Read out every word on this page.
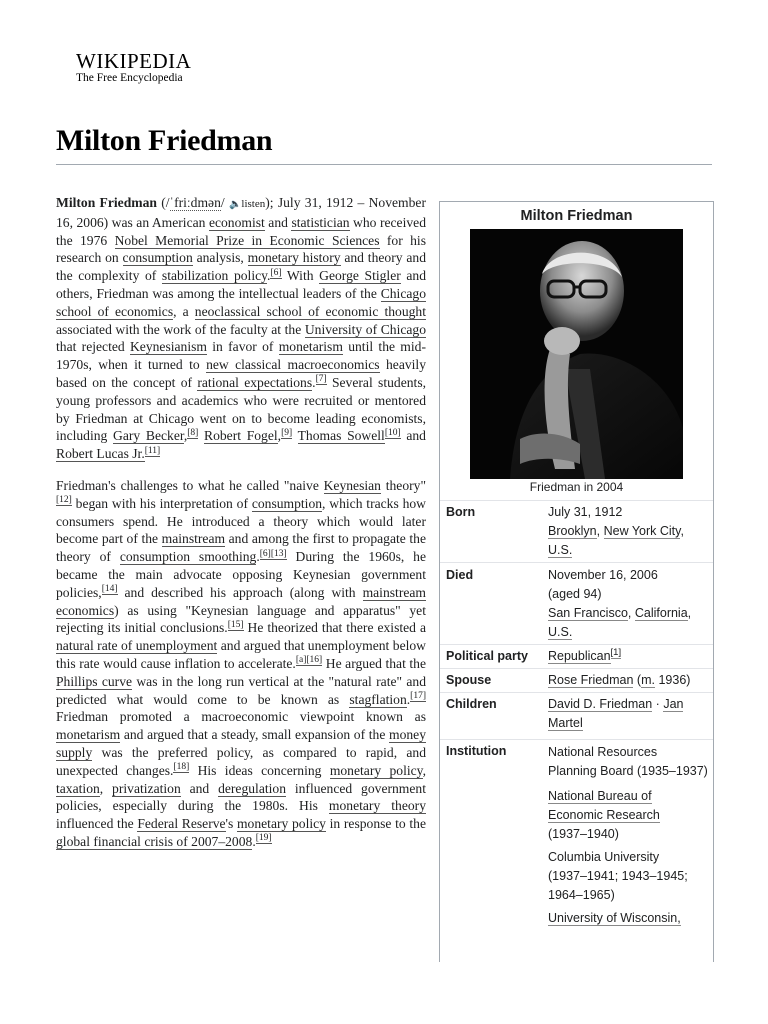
WIKIPEDIA
The Free Encyclopedia
Milton Friedman

Milton Friedman (/ˈfriːdmən/ 🔈listen); July 31, 1912 – November 16, 2006) was an American economist and statistician who received the 1976 Nobel Memorial Prize in Economic Sciences for his research on consumption analysis, monetary history and theory and the complexity of stabilization policy.[6] With George Stigler and others, Friedman was among the intellectual leaders of the Chicago school of economics, a neoclassical school of economic thought associated with the work of the faculty at the University of Chicago that rejected Keynesianism in favor of monetarism until the mid-1970s, when it turned to new classical macroeconomics heavily based on the concept of rational expectations.[7] Several students, young professors and academics who were recruited or mentored by Friedman at Chicago went on to become leading economists, including Gary Becker,[8] Robert Fogel,[9] Thomas Sowell[10] and Robert Lucas Jr.[11]

Friedman's challenges to what he called "naive Keynesian theory"[12] began with his interpretation of consumption, which tracks how consumers spend. He introduced a theory which would later become part of the mainstream and among the first to propagate the theory of consumption smoothing.[6][13] During the 1960s, he became the main advocate opposing Keynesian government policies,[14] and described his approach (along with mainstream economics) as using "Keynesian language and apparatus" yet rejecting its initial conclusions.[15] He theorized that there existed a natural rate of unemployment and argued that unemployment below this rate would cause inflation to accelerate.[a][16] He argued that the Phillips curve was in the long run vertical at the "natural rate" and predicted what would come to be known as stagflation.[17] Friedman promoted a macroeconomic viewpoint known as monetarism and argued that a steady, small expansion of the money supply was the preferred policy, as compared to rapid, and unexpected changes.[18] His ideas concerning monetary policy, taxation, privatization and deregulation influenced government policies, especially during the 1980s. His monetary theory influenced the Federal Reserve's monetary policy in response to the global financial crisis of 2007–2008.[19]

Milton Friedman
Friedman in 2004
Born	July 31, 1912
Brooklyn, New York City,
U.S.
Died	November 16, 2006
(aged 94)
San Francisco, California,
U.S.
Political party Republican[1]
Spouse	Rose Friedman (m. 1936)
Children	David D. Friedman · Jan Martel
Institution	National Resources Planning Board (1935–1937)
National Bureau of Economic Research
(1937–1940)
Columbia University
(1937–1941; 1943–1945; 1964–1965)
University of Wisconsin,
